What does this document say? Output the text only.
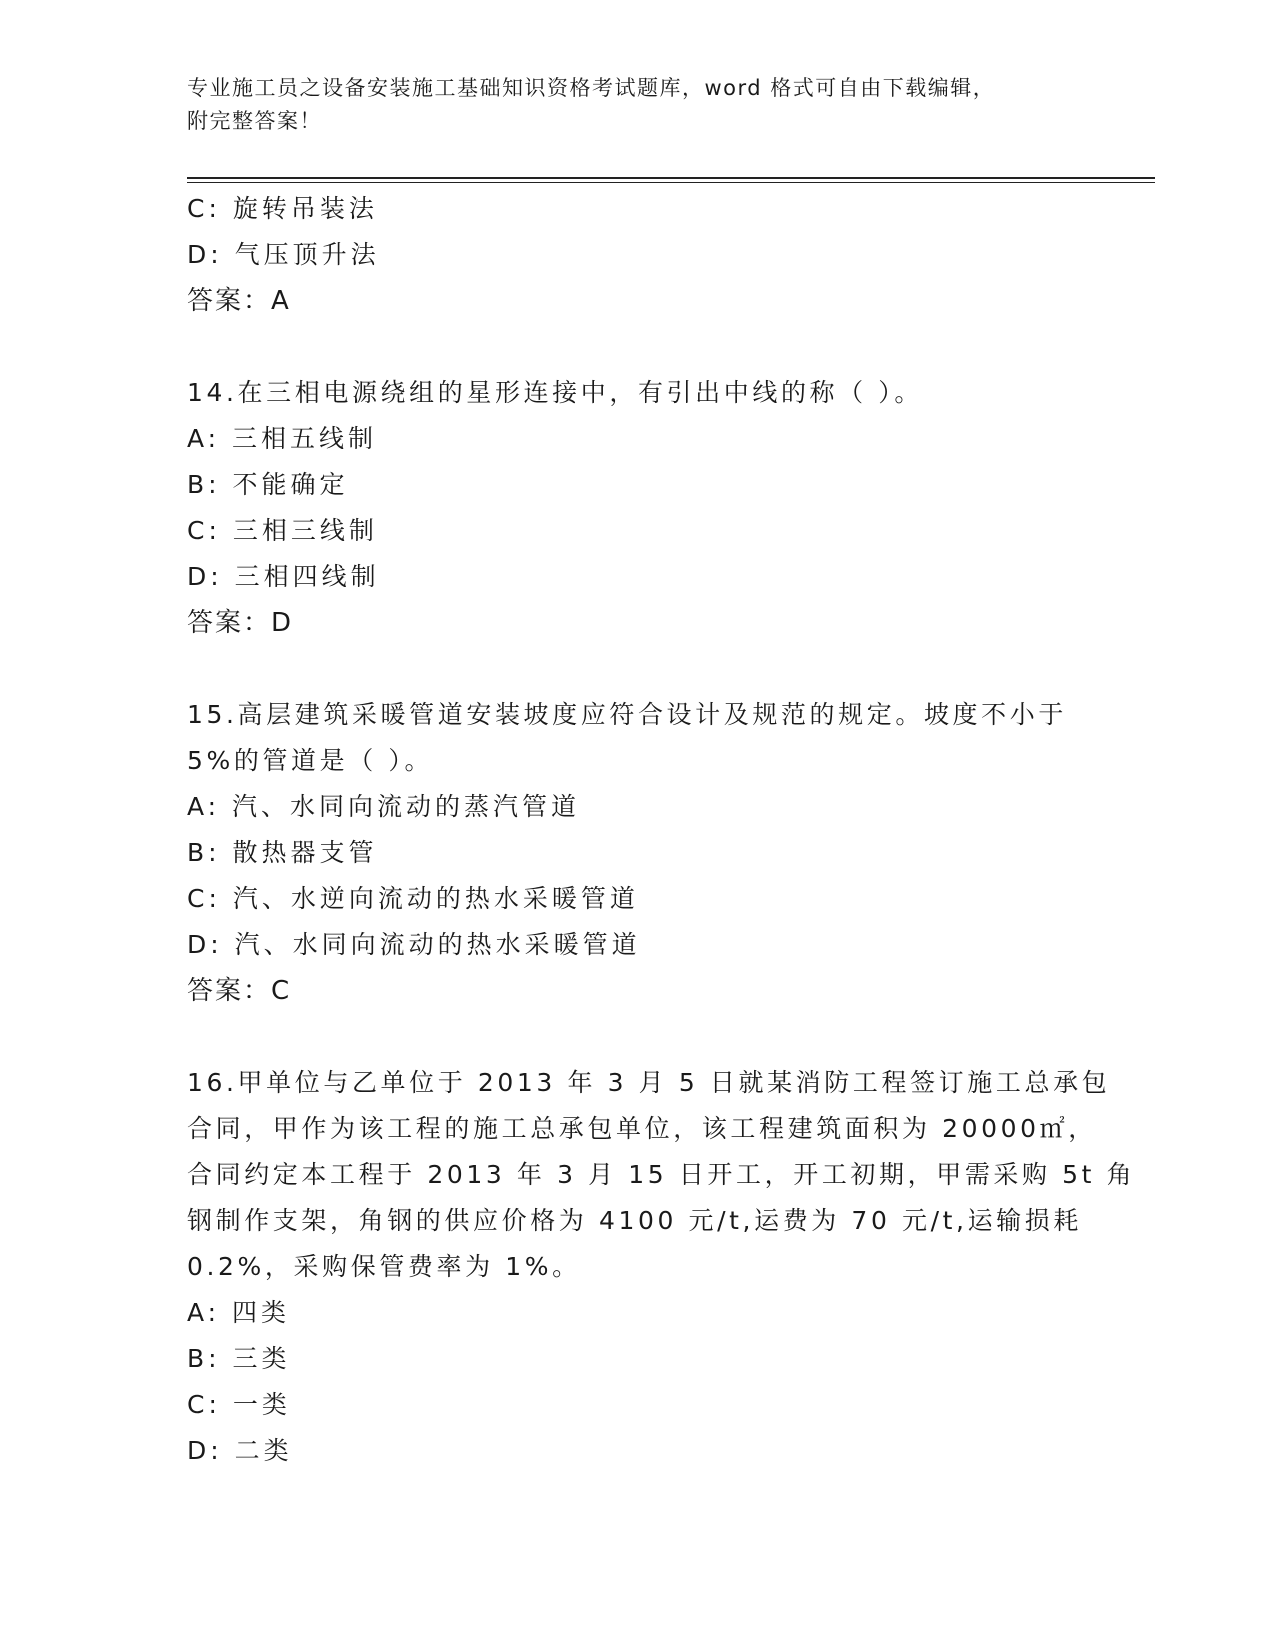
专业施工员之设备安装施工基础知识资格考试题库，word 格式可自由下载编辑，
附完整答案！
C: 旋转吊装法
D: 气压顶升法
答案：A
14.在三相电源绕组的星形连接中，有引出中线的称（ ）。
A: 三相五线制
B: 不能确定
C: 三相三线制
D: 三相四线制
答案：D
15.高层建筑采暖管道安装坡度应符合设计及规范的规定。坡度不小于
5%的管道是（ ）。
A: 汽、水同向流动的蒸汽管道
B: 散热器支管
C: 汽、水逆向流动的热水采暖管道
D: 汽、水同向流动的热水采暖管道
答案：C
16.甲单位与乙单位于 2013 年 3 月 5 日就某消防工程签订施工总承包
合同，甲作为该工程的施工总承包单位，该工程建筑面积为 20000㎡，
合同约定本工程于 2013 年 3 月 15 日开工，开工初期，甲需采购 5t 角
钢制作支架，角钢的供应价格为 4100 元/t,运费为 70 元/t,运输损耗
0.2%，采购保管费率为 1%。
A: 四类
B: 三类
C: 一类
D: 二类
